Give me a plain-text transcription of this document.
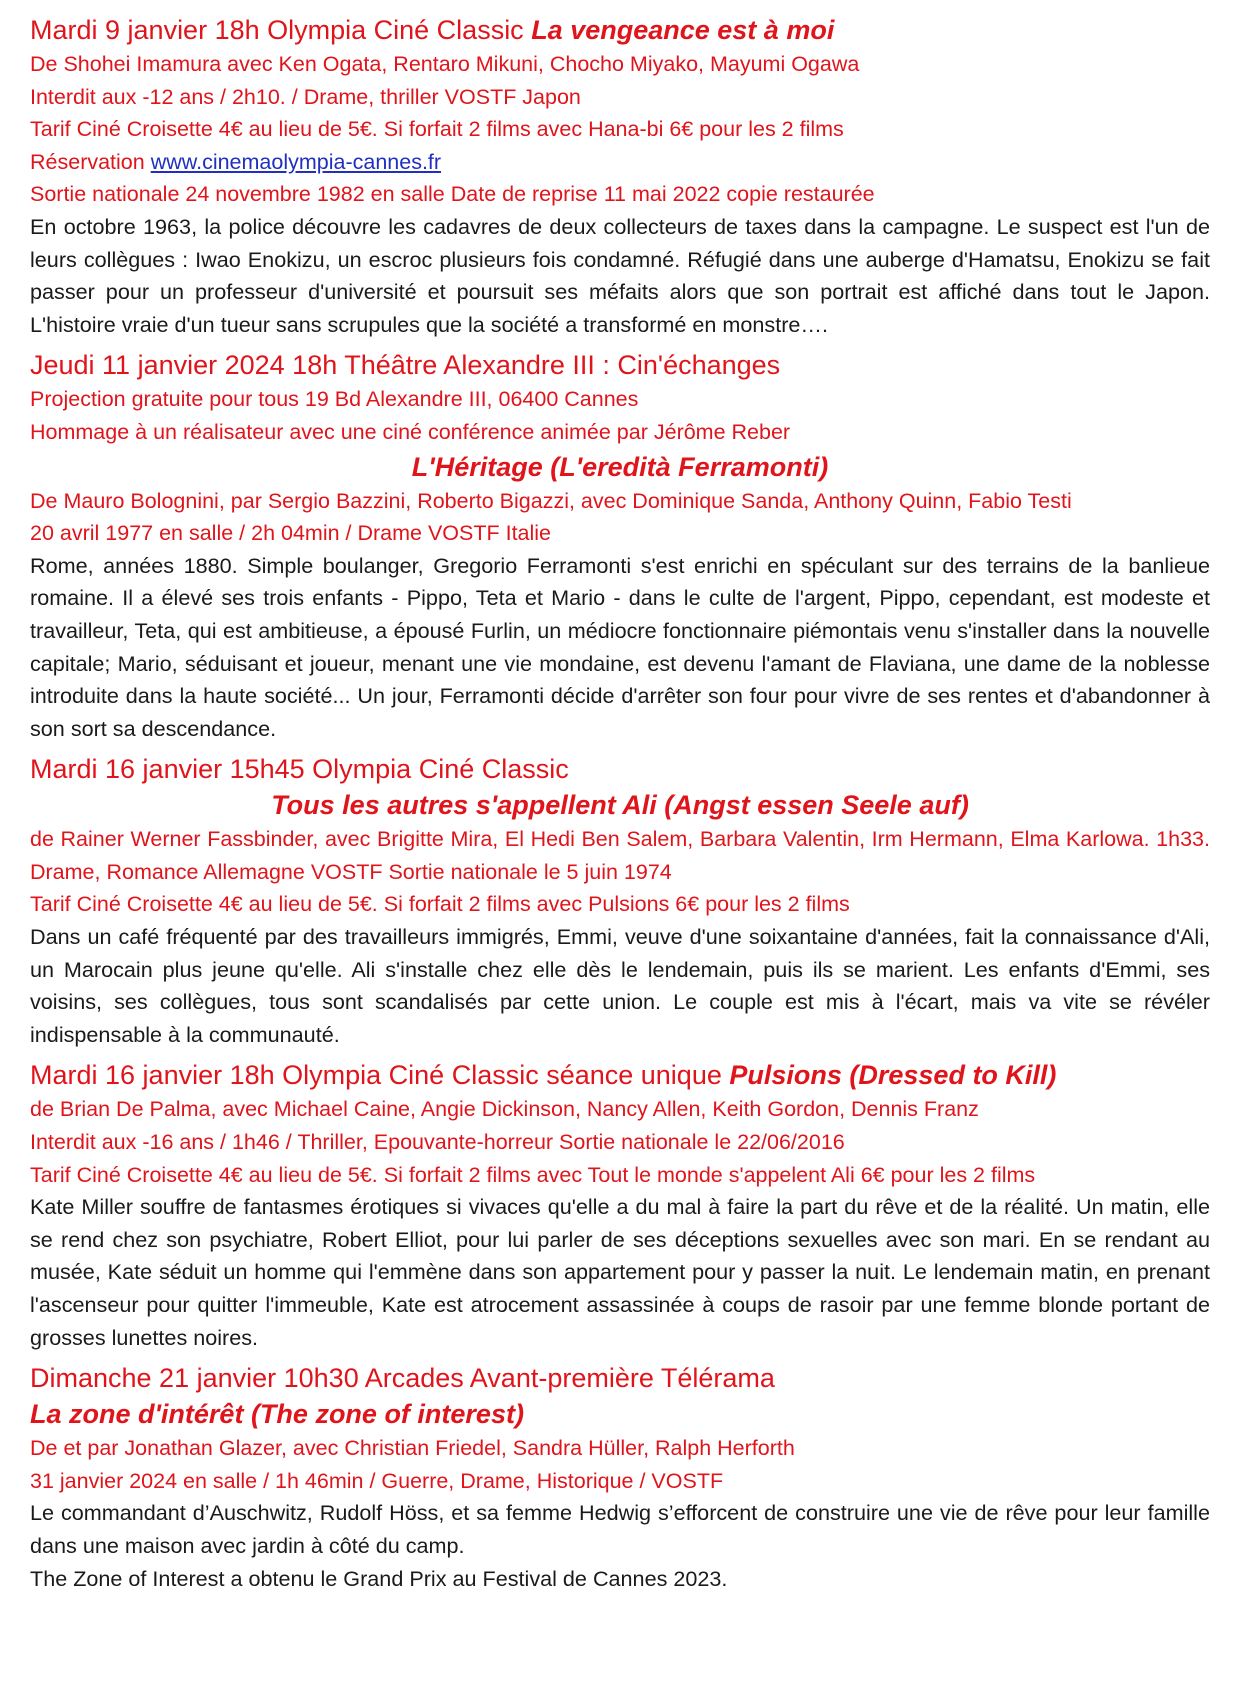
Mardi 9 janvier 18h Olympia Ciné Classic La vengeance est à moi

De Shohei Imamura avec Ken Ogata, Rentaro Mikuni, Chocho Miyako, Mayumi Ogawa

Interdit aux -12 ans / 2h10. / Drame, thriller VOSTF Japon

Tarif Ciné Croisette 4€ au lieu de 5€. Si forfait 2 films avec Hana-bi 6€ pour les 2 films

Réservation www.cinemaolympia-cannes.fr

Sortie nationale 24 novembre 1982 en salle Date de reprise 11 mai 2022 copie restaurée

En octobre 1963, la police découvre les cadavres de deux collecteurs de taxes dans la campagne. Le suspect est l'un de leurs collègues : Iwao Enokizu, un escroc plusieurs fois condamné. Réfugié dans une auberge d'Hamatsu, Enokizu se fait passer pour un professeur d'université et poursuit ses méfaits alors que son portrait est affiché dans tout le Japon. L'histoire vraie d'un tueur sans scrupules que la société a transformé en monstre….

Jeudi 11 janvier 2024 18h Théâtre Alexandre III : Cin'échanges

Projection gratuite pour tous 19 Bd Alexandre III, 06400 Cannes

Hommage à un réalisateur avec une ciné conférence animée par Jérôme Reber

L'Héritage (L'eredità Ferramonti)

De Mauro Bolognini, par Sergio Bazzini, Roberto Bigazzi, avec Dominique Sanda, Anthony Quinn, Fabio Testi

20 avril 1977 en salle / 2h 04min / Drame VOSTF Italie

Rome, années 1880. Simple boulanger, Gregorio Ferramonti s'est enrichi en spéculant sur des terrains de la banlieue romaine. Il a élevé ses trois enfants - Pippo, Teta et Mario - dans le culte de l'argent, Pippo, cependant, est modeste et travailleur, Teta, qui est ambitieuse, a épousé Furlin, un médiocre fonctionnaire piémontais venu s'installer dans la nouvelle capitale; Mario, séduisant et joueur, menant une vie mondaine, est devenu l'amant de Flaviana, une dame de la noblesse introduite dans la haute société... Un jour, Ferramonti décide d'arrêter son four pour vivre de ses rentes et d'abandonner à son sort sa descendance.

Mardi 16 janvier 15h45 Olympia Ciné Classic

Tous les autres s'appellent Ali (Angst essen Seele auf)

de Rainer Werner Fassbinder, avec Brigitte Mira, El Hedi Ben Salem, Barbara Valentin, Irm Hermann, Elma Karlowa. 1h33. Drame, Romance Allemagne VOSTF Sortie nationale le 5 juin 1974

Tarif Ciné Croisette 4€ au lieu de 5€. Si forfait 2 films avec Pulsions 6€ pour les 2 films

Dans un café fréquenté par des travailleurs immigrés, Emmi, veuve d'une soixantaine d'années, fait la connaissance d'Ali, un Marocain plus jeune qu'elle. Ali s'installe chez elle dès le lendemain, puis ils se marient. Les enfants d'Emmi, ses voisins, ses collègues, tous sont scandalisés par cette union. Le couple est mis à l'écart, mais va vite se révéler indispensable à la communauté.

Mardi 16 janvier 18h Olympia Ciné Classic séance unique Pulsions (Dressed to Kill)

de Brian De Palma, avec Michael Caine, Angie Dickinson, Nancy Allen, Keith Gordon, Dennis Franz

Interdit aux -16 ans / 1h46 / Thriller, Epouvante-horreur Sortie nationale le 22/06/2016

Tarif Ciné Croisette 4€ au lieu de 5€. Si forfait 2 films avec Tout le monde s'appelent Ali 6€ pour les 2 films

Kate Miller souffre de fantasmes érotiques si vivaces qu'elle a du mal à faire la part du rêve et de la réalité. Un matin, elle se rend chez son psychiatre, Robert Elliot, pour lui parler de ses déceptions sexuelles avec son mari. En se rendant au musée, Kate séduit un homme qui l'emmène dans son appartement pour y passer la nuit. Le lendemain matin, en prenant l'ascenseur pour quitter l'immeuble, Kate est atrocement assassinée à coups de rasoir par une femme blonde portant de grosses lunettes noires.

Dimanche 21 janvier 10h30 Arcades Avant-première Télérama

La zone d'intérêt (The zone of interest)

De et par Jonathan Glazer, avec Christian Friedel, Sandra Hüller, Ralph Herforth

31 janvier 2024 en salle / 1h 46min / Guerre, Drame, Historique / VOSTF

Le commandant d’Auschwitz, Rudolf Höss, et sa femme Hedwig s’efforcent de construire une vie de rêve pour leur famille dans une maison avec jardin à côté du camp.

The Zone of Interest a obtenu le Grand Prix au Festival de Cannes 2023.
